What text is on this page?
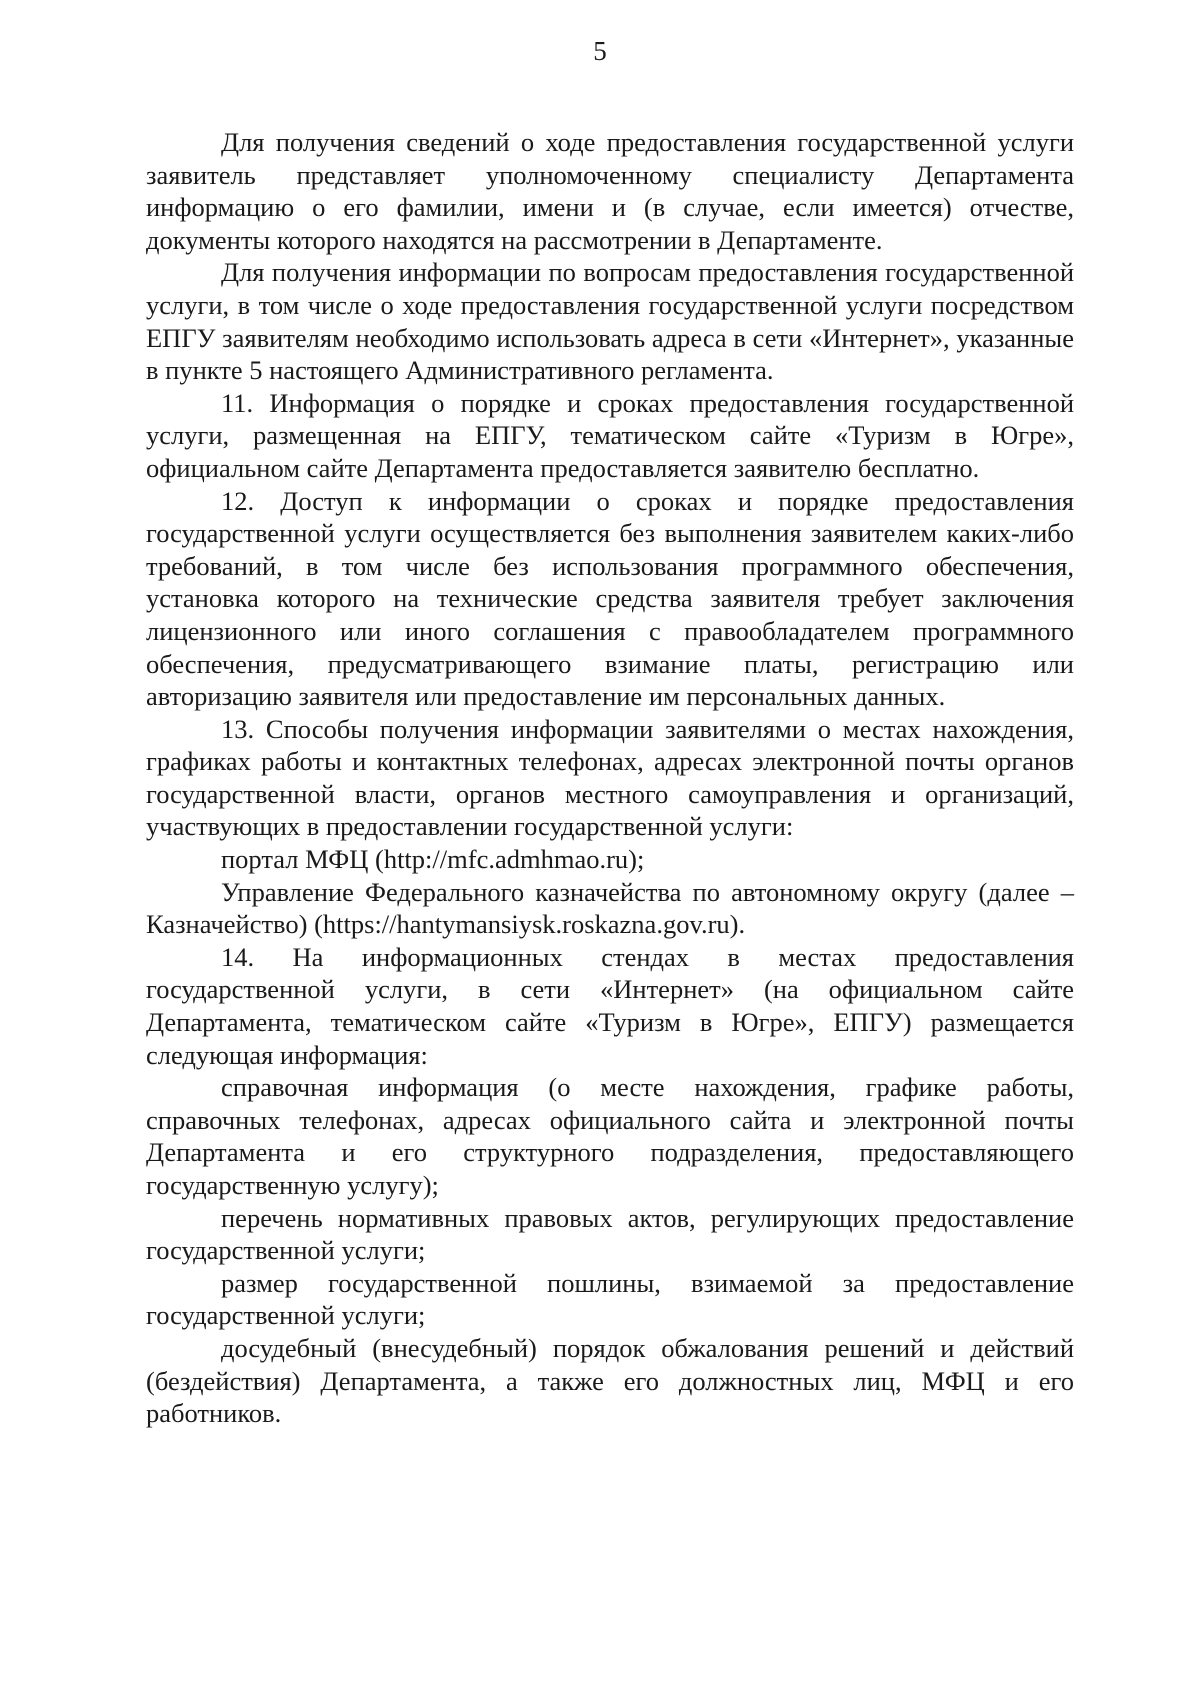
5

Для получения сведений о ходе предоставления государственной услуги заявитель представляет уполномоченному специалисту Департамента информацию о его фамилии, имени и (в случае, если имеется) отчестве, документы которого находятся на рассмотрении в Департаменте.

Для получения информации по вопросам предоставления государственной услуги, в том числе о ходе предоставления государственной услуги посредством ЕПГУ заявителям необходимо использовать адреса в сети «Интернет», указанные в пункте 5 настоящего Административного регламента.

11. Информация о порядке и сроках предоставления государственной услуги, размещенная на ЕПГУ, тематическом сайте «Туризм в Югре», официальном сайте Департамента предоставляется заявителю бесплатно.

12. Доступ к информации о сроках и порядке предоставления государственной услуги осуществляется без выполнения заявителем каких-либо требований, в том числе без использования программного обеспечения, установка которого на технические средства заявителя требует заключения лицензионного или иного соглашения с правообладателем программного обеспечения, предусматривающего взимание платы, регистрацию или авторизацию заявителя или предоставление им персональных данных.

13. Способы получения информации заявителями о местах нахождения, графиках работы и контактных телефонах, адресах электронной почты органов государственной власти, органов местного самоуправления и организаций, участвующих в предоставлении государственной услуги:

портал МФЦ (http://mfc.admhmao.ru);

Управление Федерального казначейства по автономному округу (далее – Казначейство) (https://hantymansiysk.roskazna.gov.ru).

14. На информационных стендах в местах предоставления государственной услуги, в сети «Интернет» (на официальном сайте Департамента, тематическом сайте «Туризм в Югре», ЕПГУ) размещается следующая информация:

справочная информация (о месте нахождения, графике работы, справочных телефонах, адресах официального сайта и электронной почты Департамента и его структурного подразделения, предоставляющего государственную услугу);

перечень нормативных правовых актов, регулирующих предоставление государственной услуги;

размер государственной пошлины, взимаемой за предоставление государственной услуги;

досудебный (внесудебный) порядок обжалования решений и действий (бездействия) Департамента, а также его должностных лиц, МФЦ и его работников.
